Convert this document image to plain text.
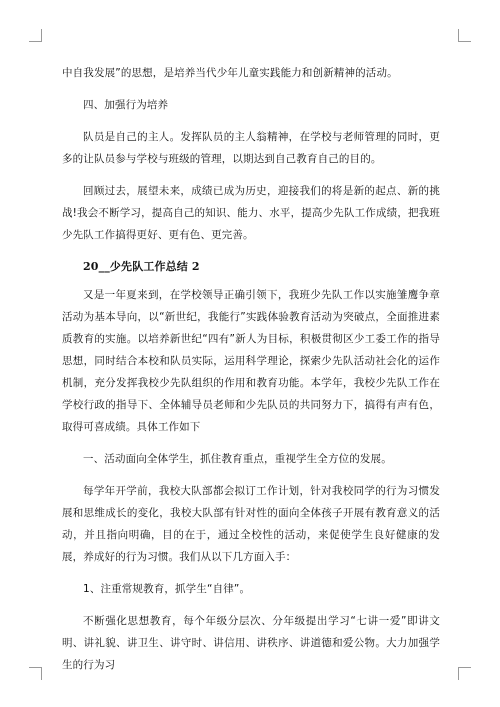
中自我发展”的思想，是培养当代少年儿童实践能力和创新精神的活动。

四、加强行为培养

队员是自己的主人。发挥队员的主人翁精神，在学校与老师管理的同时，更多的让队员参与学校与班级的管理，以期达到自己教育自己的目的。

回顾过去，展望未来，成绩已成为历史，迎接我们的将是新的起点、新的挑战!我会不断学习，提高自己的知识、能力、水平，提高少先队工作成绩，把我班少先队工作搞得更好、更有色、更完善。

20__少先队工作总结 2

又是一年夏来到，在学校领导正确引领下，我班少先队工作以实施雏鹰争章活动为基本导向，以“新世纪，我能行”实践体验教育活动为突破点，全面推进素质教育的实施。以培养新世纪“四有”新人为目标，积极贯彻区少工委工作的指导思想，同时结合本校和队员实际，运用科学理论，探索少先队活动社会化的运作机制，充分发挥我校少先队组织的作用和教育功能。本学年，我校少先队工作在学校行政的指导下、全体辅导员老师和少先队员的共同努力下，搞得有声有色，取得可喜成绩。具体工作如下

一、活动面向全体学生，抓住教育重点，重视学生全方位的发展。

每学年开学前，我校大队部都会拟订工作计划，针对我校同学的行为习惯发展和思维成长的变化，我校大队部有针对性的面向全体孩子开展有教育意义的活动，并且指向明确，目的在于，通过全校性的活动，来促使学生良好健康的发展，养成好的行为习惯。我们从以下几方面入手：

1、注重常规教育，抓学生“自律”。

不断强化思想教育，每个年级分层次、分年级提出学习“七讲一爱”即讲文明、讲礼貌、讲卫生、讲守时、讲信用、讲秩序、讲道德和爱公物。大力加强学生的行为习
